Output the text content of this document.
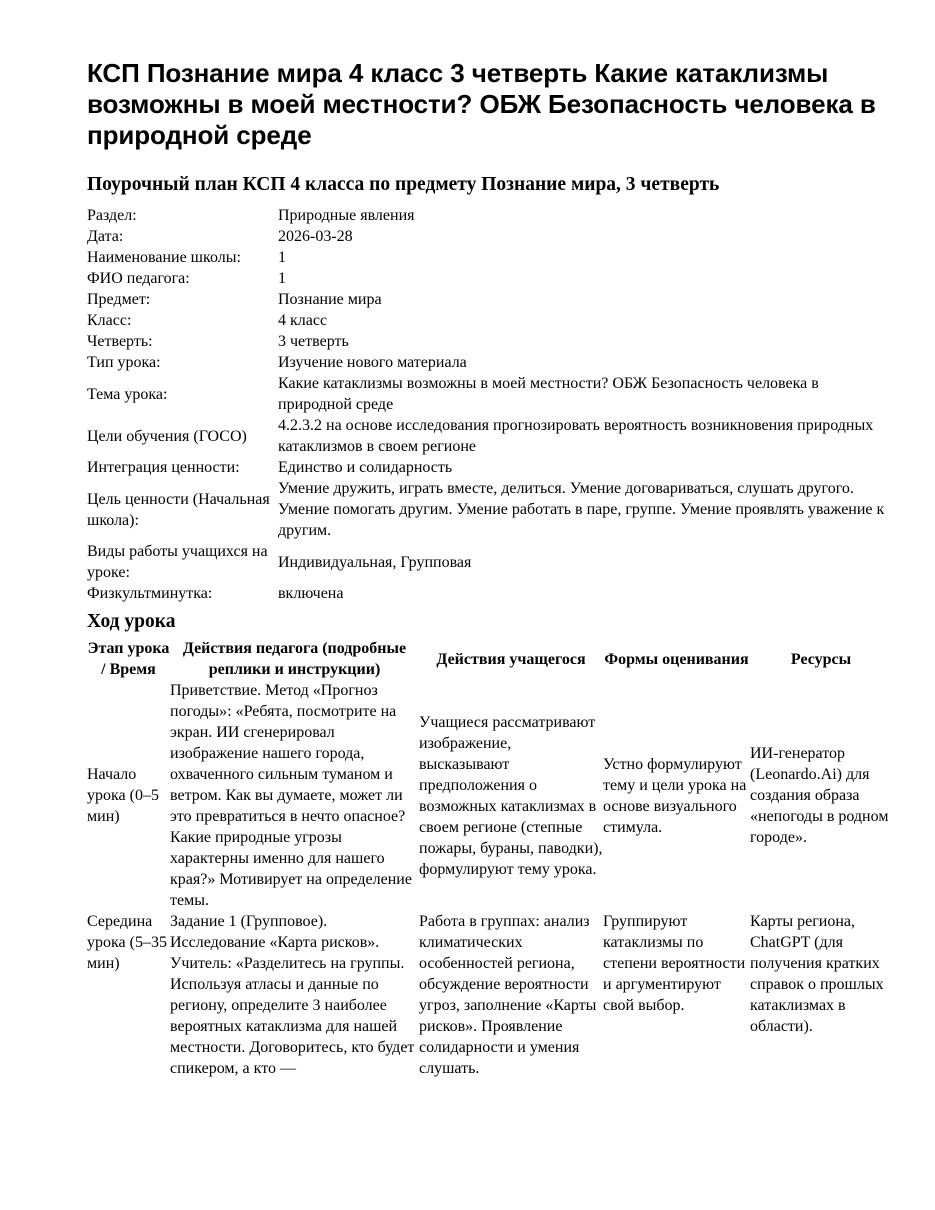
КСП Познание мира 4 класс 3 четверть Какие катаклизмы возможны в моей местности? ОБЖ Безопасность человека в природной среде
Поурочный план КСП 4 класса по предмету Познание мира, 3 четверть
Раздел:	Природные явления
Дата:	2026-03-28
Наименование школы:	1
ФИО педагога:	1
Предмет:	Познание мира
Класс:	4 класс
Четверть:	3 четверть
Тип урока:	Изучение нового материала
Тема урока:	Какие катаклизмы возможны в моей местности? ОБЖ Безопасность человека в природной среде
Цели обучения (ГОСО)	4.2.3.2 на основе исследования прогнозировать вероятность возникновения природных катаклизмов в своем регионе
Интеграция ценности:	Единство и солидарность
Цель ценности (Начальная школа):	Умение дружить, играть вместе, делиться. Умение договариваться, слушать другого. Умение помогать другим. Умение работать в паре, группе. Умение проявлять уважение к другим.
Виды работы учащихся на уроке:	Индивидуальная, Групповая
Физкультминутка:	включена
Ход урока
Этап урока / Время	Действия педагога (подробные реплики и инструкции)	Действия учащегося	Формы оценивания	Ресурсы
Начало урока (0–5 мин)	Приветствие. Метод «Прогноз погоды»: «Ребята, посмотрите на экран. ИИ сгенерировал изображение нашего города, охваченного сильным туманом и ветром. Как вы думаете, может ли это превратиться в нечто опасное? Какие природные угрозы характерны именно для нашего края?» Мотивирует на определение темы.	Учащиеся рассматривают изображение, высказывают предположения о возможных катаклизмах в своем регионе (степные пожары, бураны, паводки), формулируют тему урока.	Устно формулируют тему и цели урока на основе визуального стимула.	ИИ-генератор (Leonardo.Ai) для создания образа «непогоды в родном городе».
Середина урока (5–35 мин)	Задание 1 (Групповое). Исследование «Карта рисков». Учитель: «Разделитесь на группы. Используя атласы и данные по региону, определите 3 наиболее вероятных катаклизма для нашей местности. Договоритесь, кто будет спикером, а кто —	Работа в группах: анализ климатических особенностей региона, обсуждение вероятности угроз, заполнение «Карты рисков». Проявление солидарности и умения слушать.	Группируют катаклизмы по степени вероятности и аргументируют свой выбор.	Карты региона, ChatGPT (для получения кратких справок о прошлых катаклизмах в области).
